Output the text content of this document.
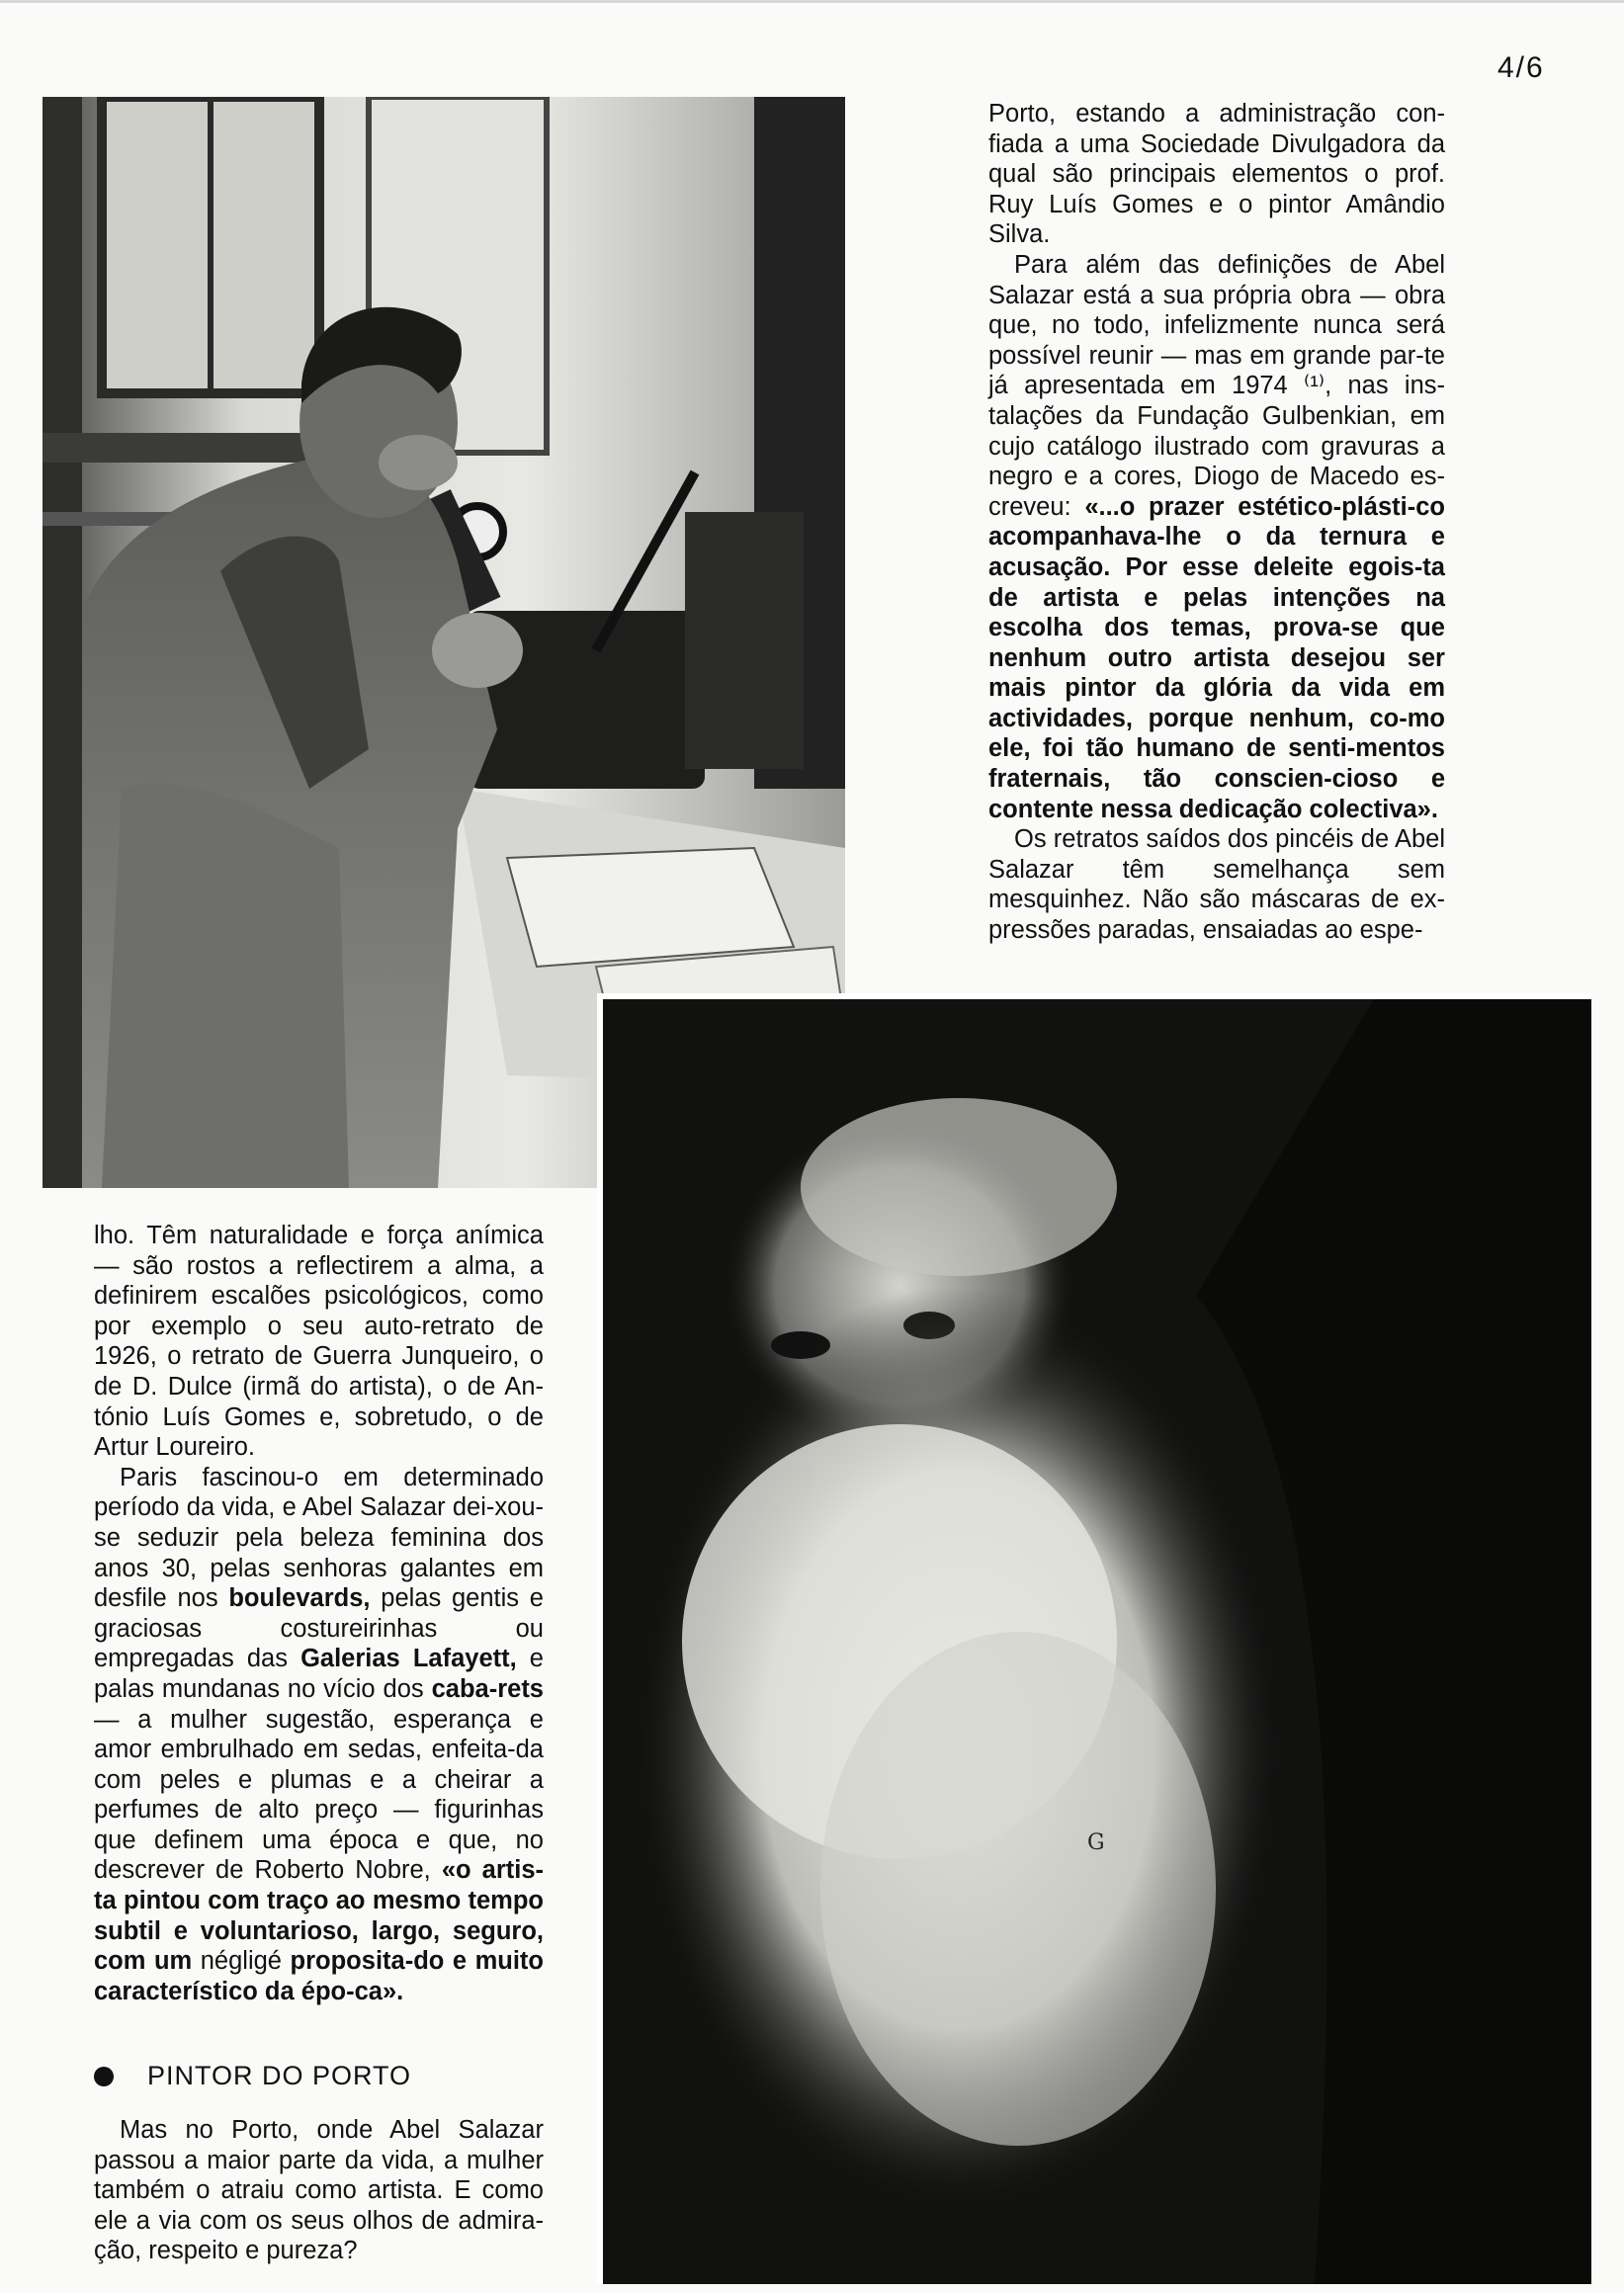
4/6
G

Porto, estando a administração con-fiada a uma Sociedade Divulgadora da qual são principais elementos o prof. Ruy Luís Gomes e o pintor Amândio Silva.

Para além das definições de Abel Salazar está a sua própria obra — obra que, no todo, infelizmente nunca será possível reunir — mas em grande par-te já apresentada em 1974 ⁽¹⁾, nas ins-talações da Fundação Gulbenkian, em cujo catálogo ilustrado com gravuras a negro e a cores, Diogo de Macedo es-creveu: «...o prazer estético-plásti-co acompanhava-lhe o da ternura e acusação. Por esse deleite egois-ta de artista e pelas intenções na escolha dos temas, prova-se que nenhum outro artista desejou ser mais pintor da glória da vida em actividades, porque nenhum, co-mo ele, foi tão humano de senti-mentos fraternais, tão conscien-cioso e contente nessa dedicação colectiva».

Os retratos saídos dos pincéis de Abel Salazar têm semelhança sem mesquinhez. Não são máscaras de ex-pressões paradas, ensaiadas ao espe-

lho. Têm naturalidade e força anímica — são rostos a reflectirem a alma, a definirem escalões psicológicos, como por exemplo o seu auto-retrato de 1926, o retrato de Guerra Junqueiro, o de D. Dulce (irmã do artista), o de An-tónio Luís Gomes e, sobretudo, o de Artur Loureiro.

Paris fascinou-o em determinado período da vida, e Abel Salazar dei-xou-se seduzir pela beleza feminina dos anos 30, pelas senhoras galantes em desfile nos boulevards, pelas gentis e graciosas costureirinhas ou empregadas das Galerias Lafayett, e palas mundanas no vício dos caba-rets — a mulher sugestão, esperança e amor embrulhado em sedas, enfeita-da com peles e plumas e a cheirar a perfumes de alto preço — figurinhas que definem uma época e que, no descrever de Roberto Nobre, «o artis-ta pintou com traço ao mesmo tempo subtil e voluntarioso, largo, seguro, com um négligé proposita-do e muito característico da épo-ca».

PINTOR DO PORTO

Mas no Porto, onde Abel Salazar passou a maior parte da vida, a mulher também o atraiu como artista. E como ele a via com os seus olhos de admira-ção, respeito e pureza?
